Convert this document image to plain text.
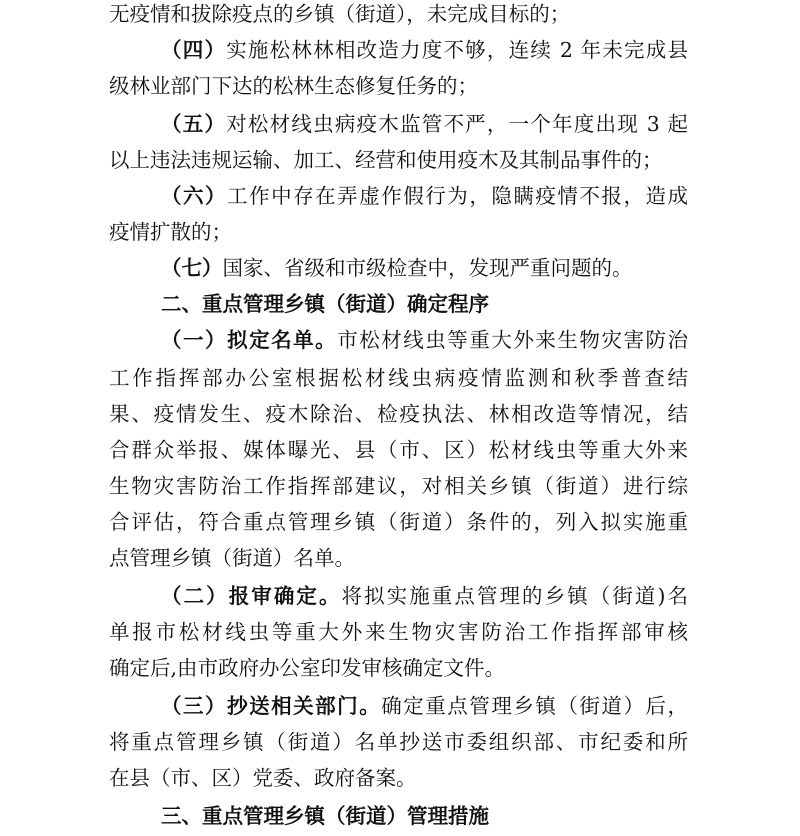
无疫情和拔除疫点的乡镇（街道），未完成目标的；
（四）实施松林林相改造力度不够，连续 2 年未完成县
级林业部门下达的松林生态修复任务的；
（五）对松材线虫病疫木监管不严，一个年度出现 3 起
以上违法违规运输、加工、经营和使用疫木及其制品事件的；
（六）工作中存在弄虚作假行为，隐瞒疫情不报，造成
疫情扩散的；
（七）国家、省级和市级检查中，发现严重问题的。
二、重点管理乡镇（街道）确定程序
（一）拟定名单。市松材线虫等重大外来生物灾害防治
工作指挥部办公室根据松材线虫病疫情监测和秋季普查结
果、疫情发生、疫木除治、检疫执法、林相改造等情况，结
合群众举报、媒体曝光、县（市、区）松材线虫等重大外来
生物灾害防治工作指挥部建议，对相关乡镇（街道）进行综
合评估，符合重点管理乡镇（街道）条件的，列入拟实施重
点管理乡镇（街道）名单。
（二）报审确定。将拟实施重点管理的乡镇（街道)名
单报市松材线虫等重大外来生物灾害防治工作指挥部审核
确定后,由市政府办公室印发审核确定文件。
（三）抄送相关部门。确定重点管理乡镇（街道）后，
将重点管理乡镇（街道）名单抄送市委组织部、市纪委和所
在县（市、区）党委、政府备案。
三、重点管理乡镇（街道）管理措施
